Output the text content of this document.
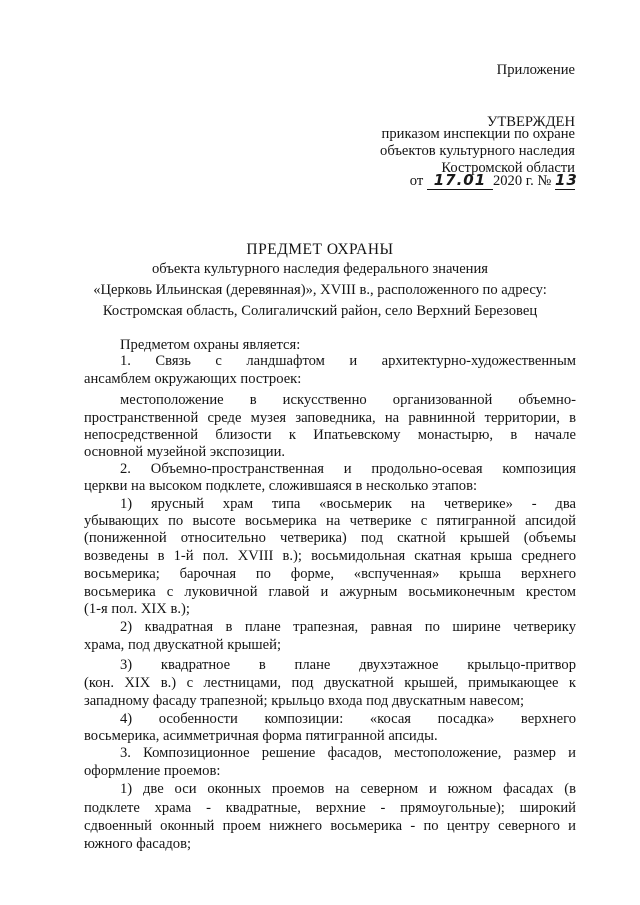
Приложение
УТВЕРЖДЕН
приказом инспекции по охране
объектов культурного наследия
Костромской области
от 17.01 2020 г. № 13
ПРЕДМЕТ ОХРАНЫ
объекта культурного наследия федерального значения
«Церковь Ильинская (деревянная)», XVIII в., расположенного по адресу:
Костромская область, Солигаличский район, село Верхний Березовец
Предметом охраны является:
1. Связь с ландшафтом и архитектурно-художественным
ансамблем окружающих построек:
местоположение в искусственно организованной объемно-
пространственной среде музея заповедника, на равнинной территории, в
непосредственной близости к Ипатьевскому монастырю, в начале
основной музейной экспозиции.
2. Объемно-пространственная и продольно-осевая композиция
церкви на высоком подклете, сложившаяся в несколько этапов:
1) ярусный храм типа «восьмерик на четверике» - два
убывающих по высоте восьмерика на четверике с пятигранной апсидой
(пониженной относительно четверика) под скатной крышей (объемы
возведены в 1-й пол. XVIII в.); восьмидольная скатная крыша среднего
восьмерика; барочная по форме, «вспученная» крыша верхнего
восьмерика с луковичной главой и ажурным восьмиконечным крестом
(1-я пол. XIX в.);
2) квадратная в плане трапезная, равная по ширине четверику
храма, под двускатной крышей;
3) квадратное в плане двухэтажное крыльцо-притвор
(кон. XIX в.) с лестницами, под двускатной крышей, примыкающее к
западному фасаду трапезной; крыльцо входа под двускатным навесом;
4) особенности композиции: «косая посадка» верхнего
восьмерика, асимметричная форма пятигранной апсиды.
3. Композиционное решение фасадов, местоположение, размер и
оформление проемов:
1) две оси оконных проемов на северном и южном фасадах (в
подклете храма - квадратные, верхние - прямоугольные); широкий
сдвоенный оконный проем нижнего восьмерика - по центру северного и
южного фасадов;
